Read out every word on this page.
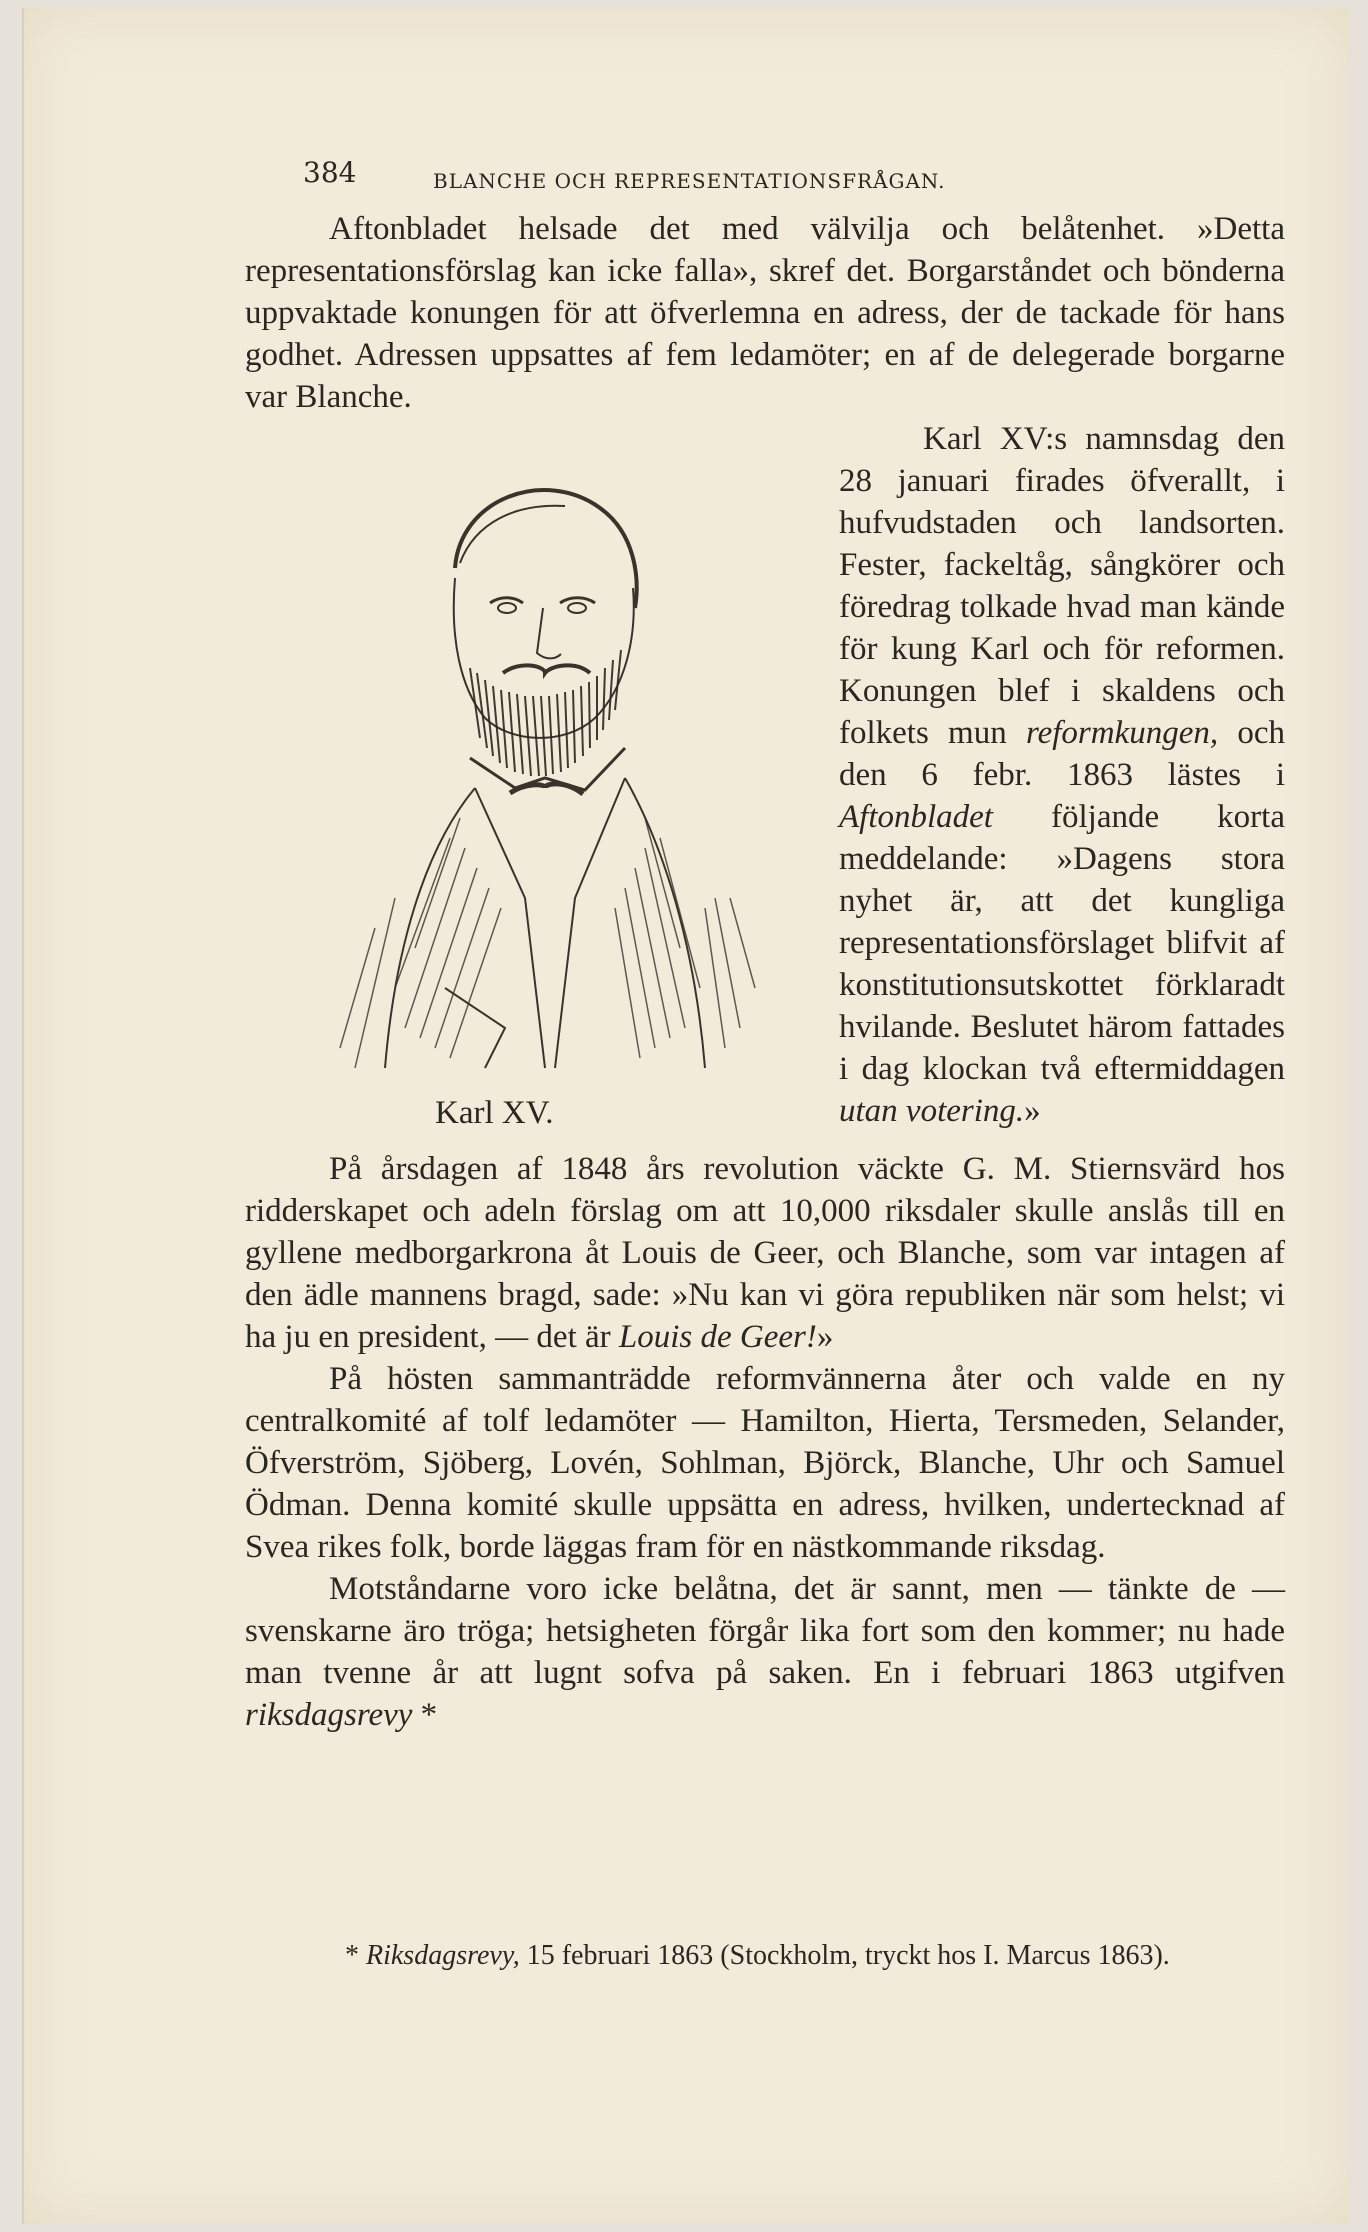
384	BLANCHE OCH REPRESENTATIONSFRÅGAN.

Aftonbladet helsade det med välvilja och belåtenhet. »Detta representationsförslag kan icke falla», skref det. Borgarståndet och bönderna uppvaktade konungen för att öfverlemna en adress, der de tackade för hans godhet. Adressen uppsattes af fem ledamöter; en af de delegerade borgarne var Blanche.

Karl XV.

Karl XV:s namnsdag den 28 januari firades öfverallt, i hufvudstaden och landsorten. Fester, fackeltåg, sångkörer och föredrag tolkade hvad man kände för kung Karl och för reformen. Konungen blef i skaldens och folkets mun reformkungen, och den 6 febr. 1863 lästes i Aftonbladet följande korta meddelande: »Dagens stora nyhet är, att det kungliga representationsförslaget blifvit af konstitutionsutskottet förklaradt hvilande. Beslutet härom fattades i dag klockan två eftermiddagen utan votering.»

På årsdagen af 1848 års revolution väckte G. M. Stiernsvärd hos ridderskapet och adeln förslag om att 10,000 riksdaler skulle anslås till en gyllene medborgarkrona åt Louis de Geer, och Blanche, som var intagen af den ädle mannens bragd, sade: »Nu kan vi göra republiken när som helst; vi ha ju en president, — det är Louis de Geer!»

På hösten sammanträdde reformvännerna åter och valde en ny centralkomité af tolf ledamöter — Hamilton, Hierta, Tersmeden, Selander, Öfverström, Sjöberg, Lovén, Sohlman, Björck, Blanche, Uhr och Samuel Ödman. Denna komité skulle uppsätta en adress, hvilken, undertecknad af Svea rikes folk, borde läggas fram för en nästkommande riksdag.

Motståndarne voro icke belåtna, det är sannt, men — tänkte de — svenskarne äro tröga; hetsigheten förgår lika fort som den kommer; nu hade man tvenne år att lugnt sofva på saken. En i februari 1863 utgifven riksdagsrevy *

* Riksdagsrevy, 15 februari 1863 (Stockholm, tryckt hos I. Marcus 1863).
